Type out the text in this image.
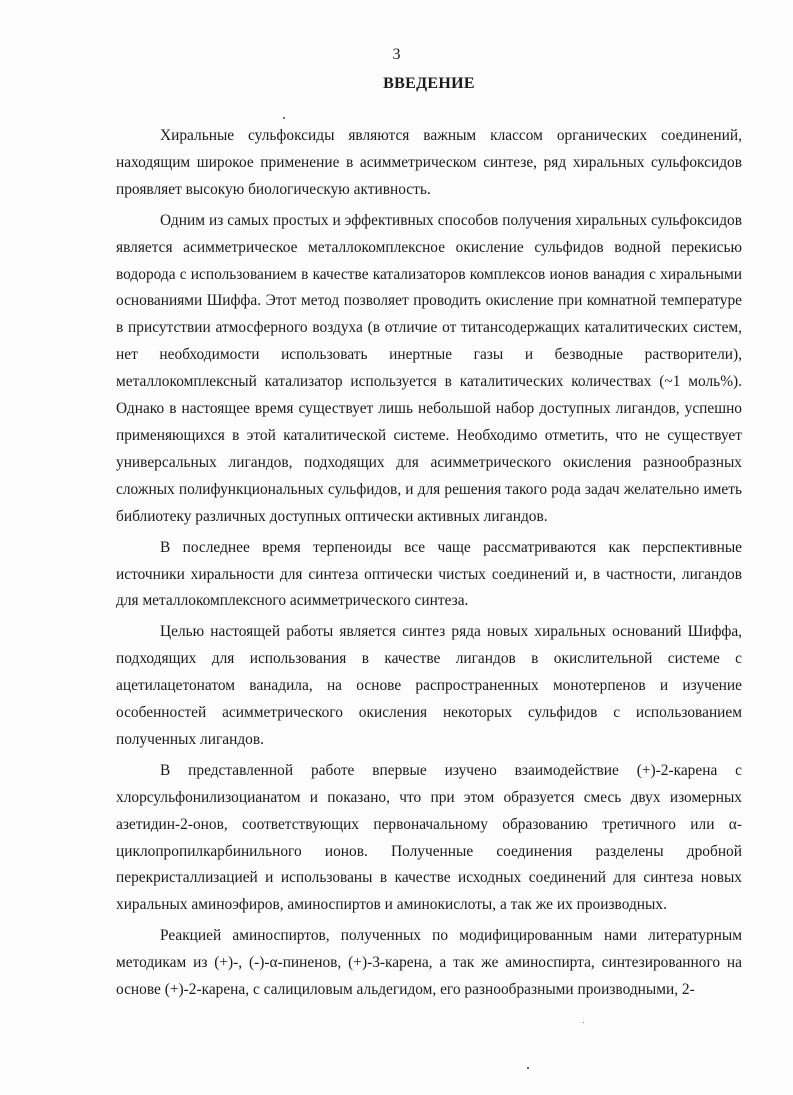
3
ВВЕДЕНИЕ

Хиральные сульфоксиды являются важным классом органических соединений, находящим широкое применение в асимметрическом синтезе, ряд хиральных сульфоксидов проявляет высокую биологическую активность.

Одним из самых простых и эффективных способов получения хиральных сульфоксидов является асимметрическое металлокомплексное окисление сульфидов водной перекисью водорода с использованием в качестве катализаторов комплексов ионов ванадия с хиральными основаниями Шиффа. Этот метод позволяет проводить окисление при комнатной температуре в присутствии атмосферного воздуха (в отличие от титансодержащих каталитических систем, нет необходимости использовать инертные газы и безводные растворители), металлокомплексный катализатор используется в каталитических количествах (~1 моль%). Однако в настоящее время существует лишь небольшой набор доступных лигандов, успешно применяющихся в этой каталитической системе. Необходимо отметить, что не существует универсальных лигандов, подходящих для асимметрического окисления разнообразных сложных полифункциональных сульфидов, и для решения такого рода задач желательно иметь библиотеку различных доступных оптически активных лигандов.

В последнее время терпеноиды все чаще рассматриваются как перспективные источники хиральности для синтеза оптически чистых соединений и, в частности, лигандов для металлокомплексного асимметрического синтеза.

Целью настоящей работы является синтез ряда новых хиральных оснований Шиффа, подходящих для использования в качестве лигандов в окислительной системе с ацетилацетонатом ванадила, на основе распространенных монотерпенов и изучение особенностей асимметрического окисления некоторых сульфидов с использованием полученных лигандов.

В представленной работе впервые изучено взаимодействие (+)-2-карена с хлорсульфонилизоцианатом и показано, что при этом образуется смесь двух изомерных азетидин-2-онов, соответствующих первоначальному образованию третичного или α-циклопропилкарбинильного ионов. Полученные соединения разделены дробной перекристаллизацией и использованы в качестве исходных соединений для синтеза новых хиральных аминоэфиров, аминоспиртов и аминокислоты, а так же их производных.

Реакцией аминоспиртов, полученных по модифицированным нами литературным методикам из (+)-, (-)-α-пиненов, (+)-3-карена, а так же аминоспирта, синтезированного на основе (+)-2-карена, с салициловым альдегидом, его разнообразными производными, 2-
